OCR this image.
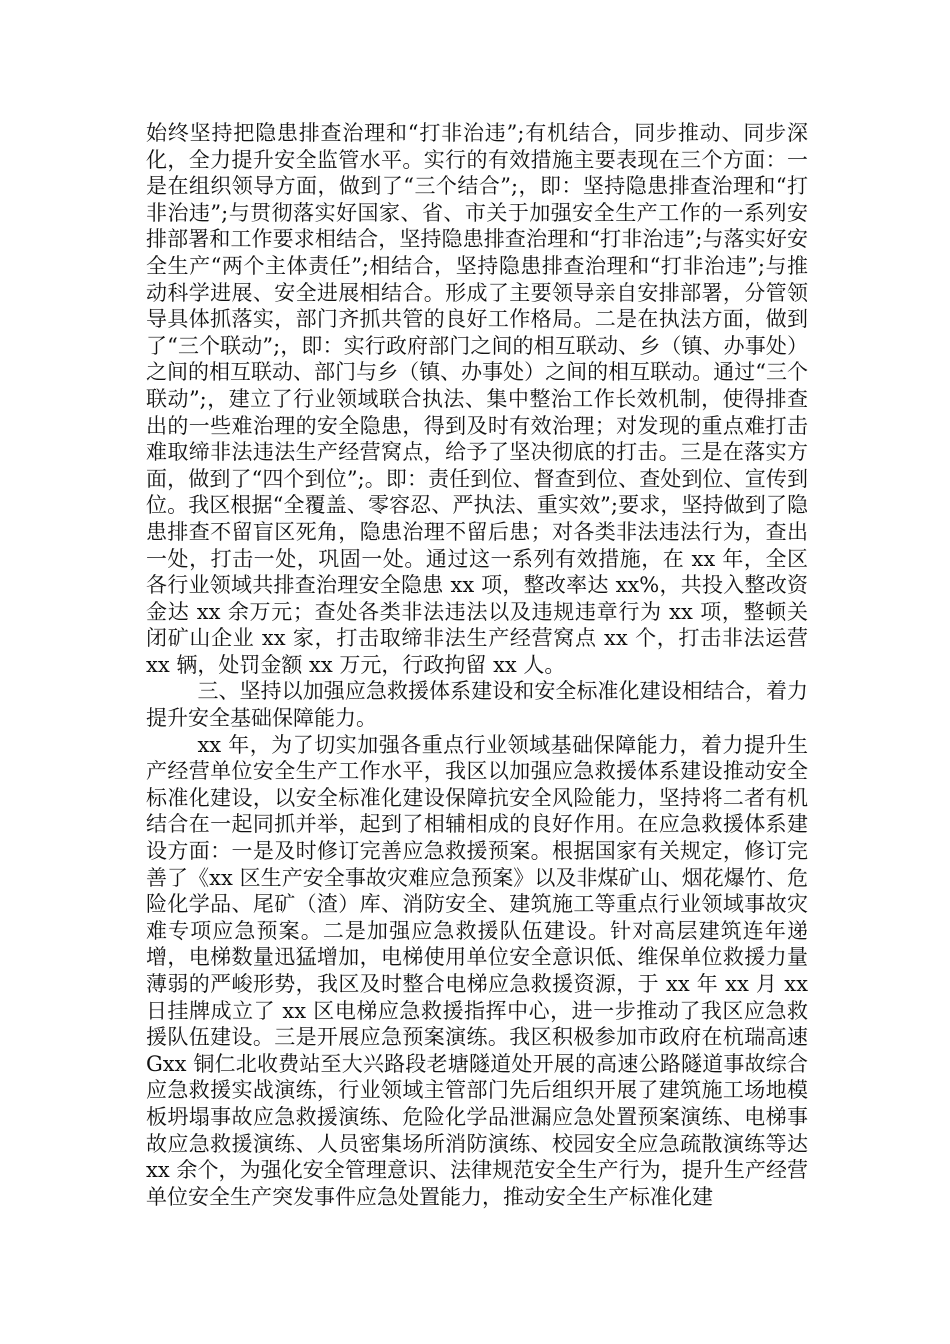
始终坚持把隐患排查治理和“打非治违”;有机结合，同步推动、同步深化，全力提升安全监管水平。实行的有效措施主要表现在三个方面：一是在组织领导方面，做到了“三个结合”;，即：坚持隐患排查治理和“打非治违”;与贯彻落实好国家、省、市关于加强安全生产工作的一系列安排部署和工作要求相结合，坚持隐患排查治理和“打非治违”;与落实好安全生产“两个主体责任”;相结合，坚持隐患排查治理和“打非治违”;与推动科学进展、安全进展相结合。形成了主要领导亲自安排部署，分管领导具体抓落实，部门齐抓共管的良好工作格局。二是在执法方面，做到了“三个联动”;，即：实行政府部门之间的相互联动、乡（镇、办事处）之间的相互联动、部门与乡（镇、办事处）之间的相互联动。通过“三个联动”;，建立了行业领域联合执法、集中整治工作长效机制，使得排查出的一些难治理的安全隐患，得到及时有效治理；对发现的重点难打击难取缔非法违法生产经营窝点，给予了坚决彻底的打击。三是在落实方面，做到了“四个到位”;。即：责任到位、督查到位、查处到位、宣传到位。我区根据“全覆盖、零容忍、严执法、重实效”;要求，坚持做到了隐患排查不留盲区死角，隐患治理不留后患；对各类非法违法行为，查出一处，打击一处，巩固一处。通过这一系列有效措施，在 xx 年，全区各行业领域共排查治理安全隐患 xx 项，整改率达 xx%，共投入整改资金达 xx 余万元；查处各类非法违法以及违规违章行为 xx 项，整顿关闭矿山企业 xx 家，打击取缔非法生产经营窝点 xx 个，打击非法运营 xx 辆，处罚金额 xx 万元，行政拘留 xx 人。

三、坚持以加强应急救援体系建设和安全标准化建设相结合，着力提升安全基础保障能力。

xx 年，为了切实加强各重点行业领域基础保障能力，着力提升生产经营单位安全生产工作水平，我区以加强应急救援体系建设推动安全标准化建设，以安全标准化建设保障抗安全风险能力，坚持将二者有机结合在一起同抓并举，起到了相辅相成的良好作用。在应急救援体系建设方面：一是及时修订完善应急救援预案。根据国家有关规定，修订完善了《xx 区生产安全事故灾难应急预案》以及非煤矿山、烟花爆竹、危险化学品、尾矿（渣）库、消防安全、建筑施工等重点行业领域事故灾难专项应急预案。二是加强应急救援队伍建设。针对高层建筑连年递增，电梯数量迅猛增加，电梯使用单位安全意识低、维保单位救援力量薄弱的严峻形势，我区及时整合电梯应急救援资源，于 xx 年 xx 月 xx 日挂牌成立了 xx 区电梯应急救援指挥中心，进一步推动了我区应急救援队伍建设。三是开展应急预案演练。我区积极参加市政府在杭瑞高速 Gxx 铜仁北收费站至大兴路段老塘隧道处开展的高速公路隧道事故综合应急救援实战演练，行业领域主管部门先后组织开展了建筑施工场地模板坍塌事故应急救援演练、危险化学品泄漏应急处置预案演练、电梯事故应急救援演练、人员密集场所消防演练、校园安全应急疏散演练等达 xx 余个，为强化安全管理意识、法律规范安全生产行为，提升生产经营单位安全生产突发事件应急处置能力，推动安全生产标准化建
